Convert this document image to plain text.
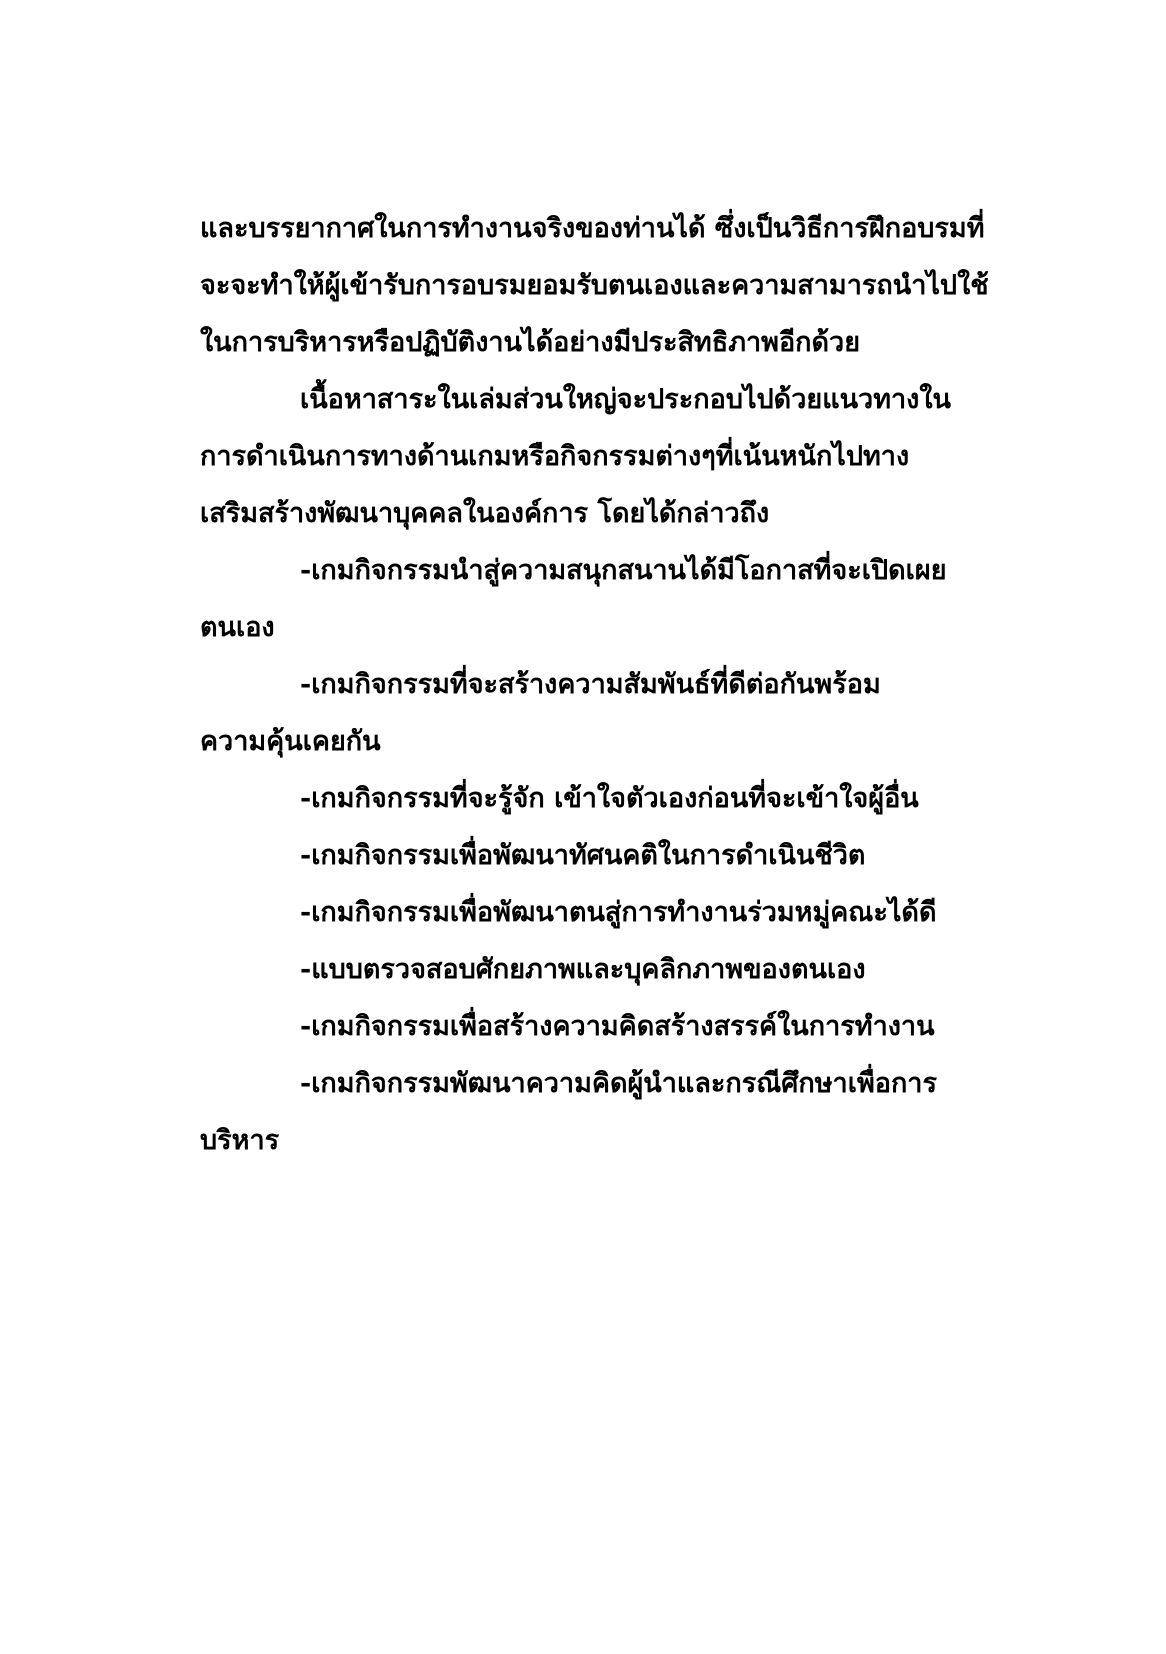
และบรรยากาศในการทำงานจริงของท่านได้ ซึ่งเป็นวิธีการฝึกอบรมที่

จะจะทำให้ผู้เข้ารับการอบรมยอมรับตนเองและความสามารถนำไปใช้

ในการบริหารหรือปฏิบัติงานได้อย่างมีประสิทธิภาพอีกด้วย

เนื้อหาสาระในเล่มส่วนใหญ่จะประกอบไปด้วยแนวทางใน

การดำเนินการทางด้านเกมหรือกิจกรรมต่างๆที่เน้นหนักไปทาง

เสริมสร้างพัฒนาบุคคลในองค์การ โดยได้กล่าวถึง

-เกมกิจกรรมนำสู่ความสนุกสนานได้มีโอกาสที่จะเปิดเผย

ตนเอง

-เกมกิจกรรมที่จะสร้างความสัมพันธ์ที่ดีต่อกันพร้อม

ความคุ้นเคยกัน

-เกมกิจกรรมที่จะรู้จัก เข้าใจตัวเองก่อนที่จะเข้าใจผู้อื่น

-เกมกิจกรรมเพื่อพัฒนาทัศนคติในการดำเนินชีวิต

-เกมกิจกรรมเพื่อพัฒนาตนสู่การทำงานร่วมหมู่คณะได้ดี

-แบบตรวจสอบศักยภาพและบุคลิกภาพของตนเอง

-เกมกิจกรรมเพื่อสร้างความคิดสร้างสรรค์ในการทำงาน

-เกมกิจกรรมพัฒนาความคิดผู้นำและกรณีศึกษาเพื่อการ

บริหาร
